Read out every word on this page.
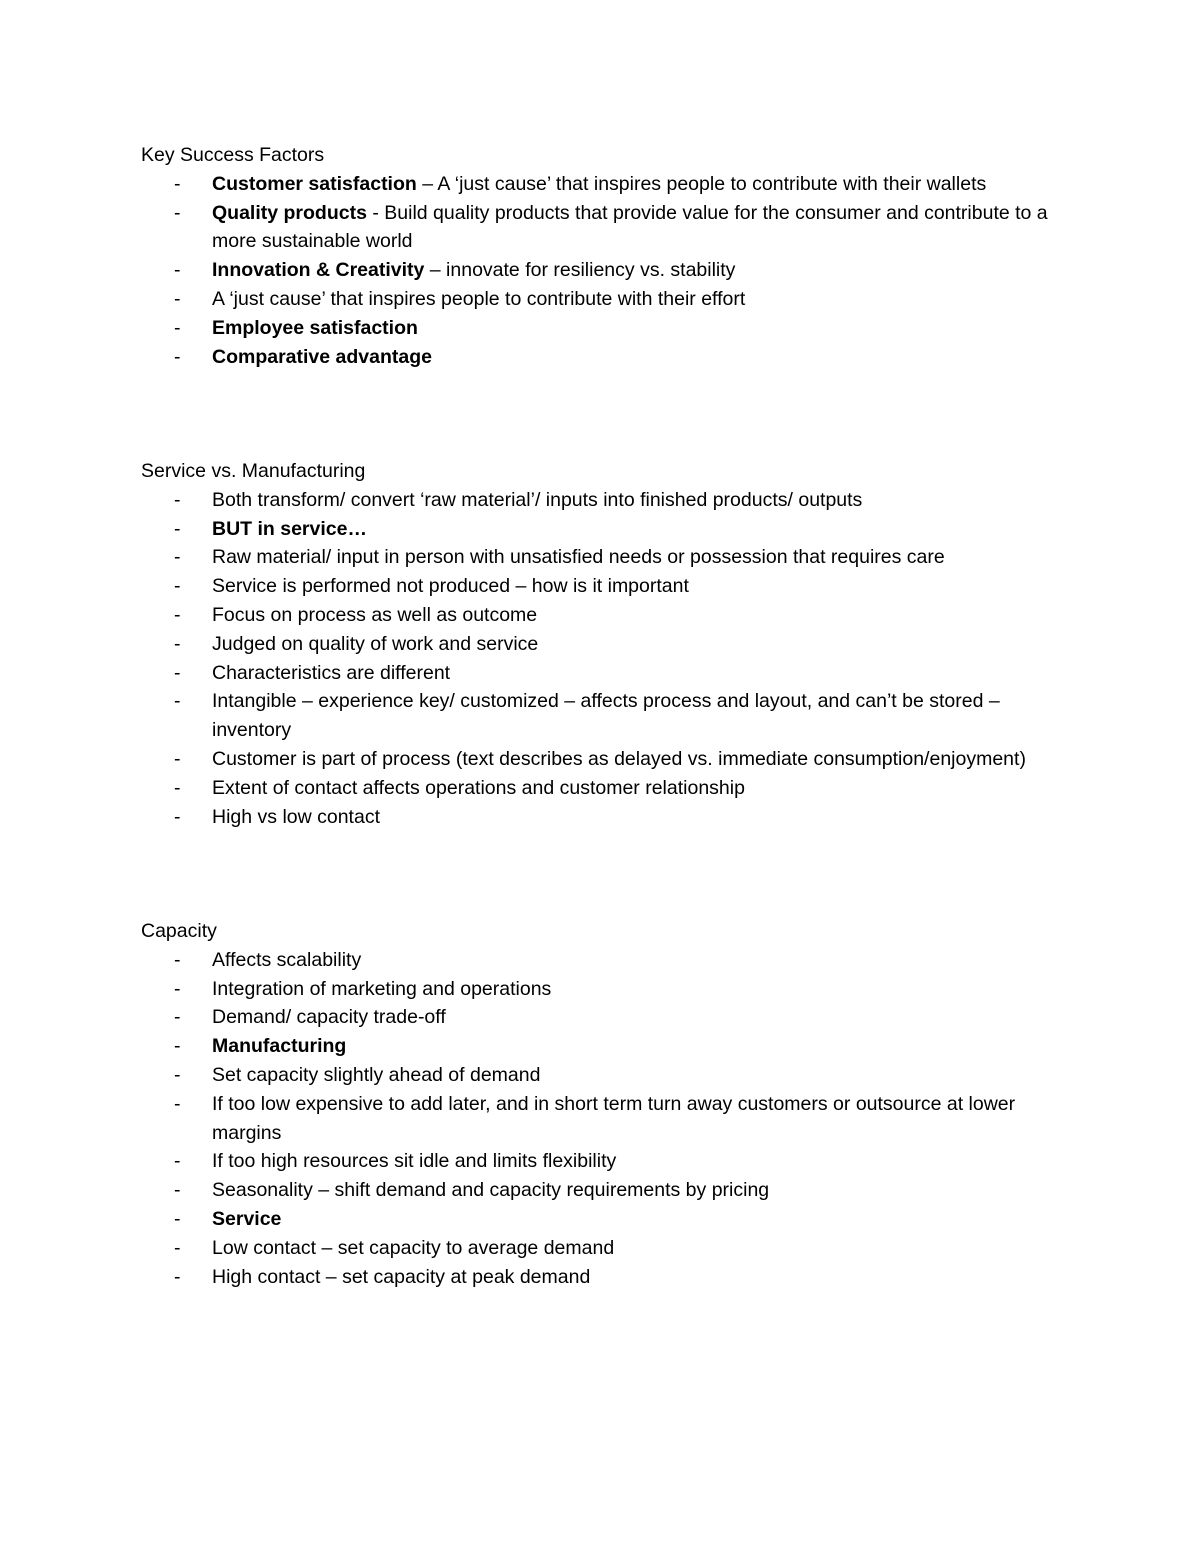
Key Success Factors
- Customer satisfaction – A ‘just cause’ that inspires people to contribute with their wallets
- Quality products - Build quality products that provide value for the consumer and contribute to a more sustainable world
- Innovation & Creativity – innovate for resiliency vs. stability
- A ‘just cause’ that inspires people to contribute with their effort
- Employee satisfaction
- Comparative advantage
Service vs. Manufacturing
- Both transform/ convert ‘raw material’/ inputs into finished products/ outputs
- BUT in service…
- Raw material/ input in person with unsatisfied needs or possession that requires care
- Service is performed not produced – how is it important
- Focus on process as well as outcome
- Judged on quality of work and service
- Characteristics are different
- Intangible – experience key/ customized – affects process and layout, and can’t be stored – inventory
- Customer is part of process (text describes as delayed vs. immediate consumption/enjoyment)
- Extent of contact affects operations and customer relationship
- High vs low contact
Capacity
- Affects scalability
- Integration of marketing and operations
- Demand/ capacity trade-off
- Manufacturing
- Set capacity slightly ahead of demand
- If too low expensive to add later, and in short term turn away customers or outsource at lower margins
- If too high resources sit idle and limits flexibility
- Seasonality – shift demand and capacity requirements by pricing
- Service
- Low contact – set capacity to average demand
- High contact – set capacity at peak demand
